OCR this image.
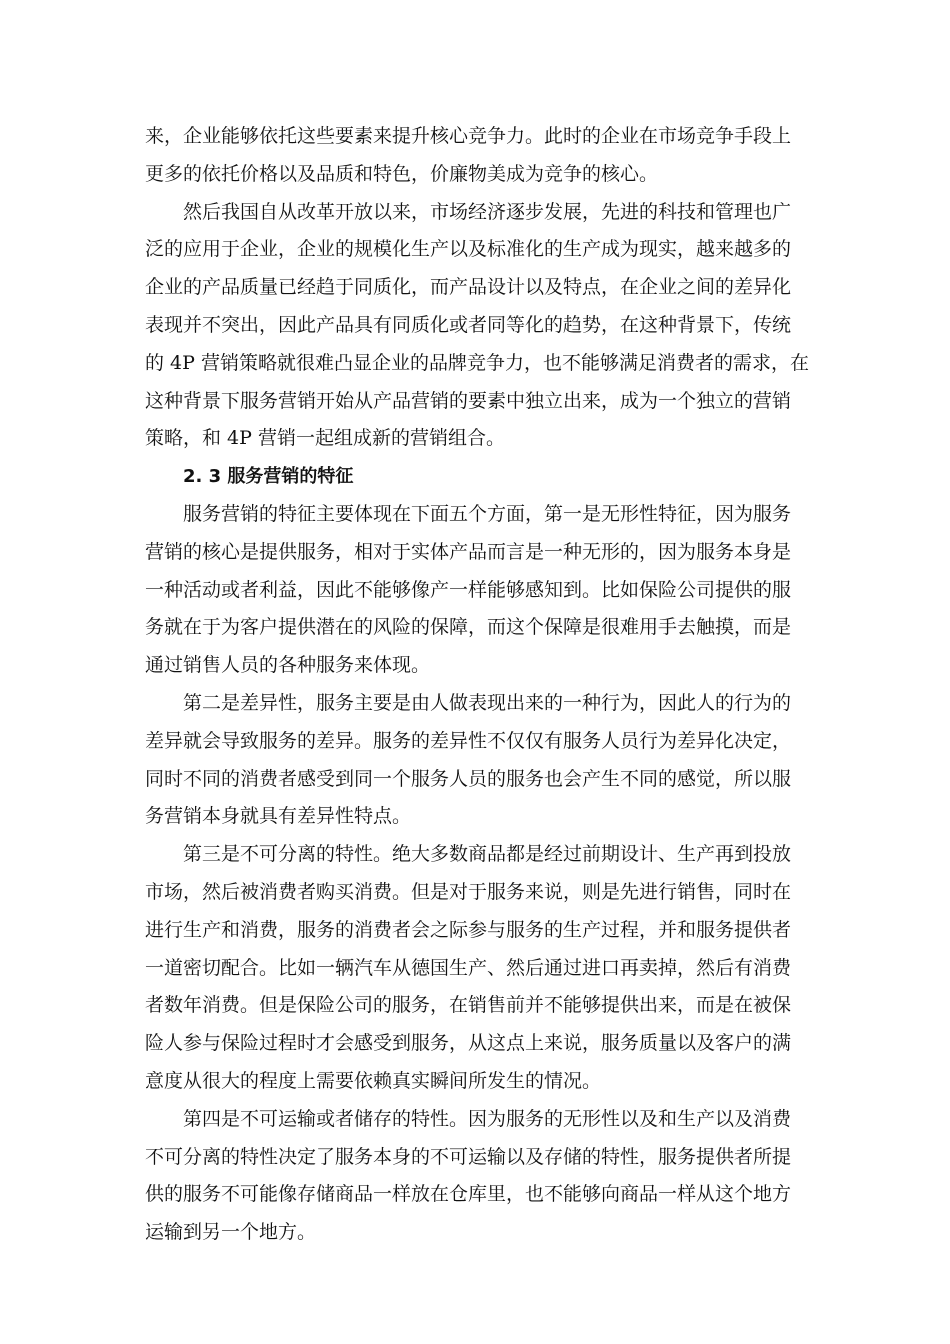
来，企业能够依托这些要素来提升核心竞争力。此时的企业在市场竞争手段上
更多的依托价格以及品质和特色，价廉物美成为竞争的核心。
然后我国自从改革开放以来，市场经济逐步发展，先进的科技和管理也广
泛的应用于企业，企业的规模化生产以及标准化的生产成为现实，越来越多的
企业的产品质量已经趋于同质化，而产品设计以及特点，在企业之间的差异化
表现并不突出，因此产品具有同质化或者同等化的趋势，在这种背景下，传统
的 4P 营销策略就很难凸显企业的品牌竞争力，也不能够满足消费者的需求，在
这种背景下服务营销开始从产品营销的要素中独立出来，成为一个独立的营销
策略，和 4P 营销一起组成新的营销组合。
2. 3 服务营销的特征
服务营销的特征主要体现在下面五个方面，第一是无形性特征，因为服务
营销的核心是提供服务，相对于实体产品而言是一种无形的，因为服务本身是
一种活动或者利益，因此不能够像产一样能够感知到。比如保险公司提供的服
务就在于为客户提供潜在的风险的保障，而这个保障是很难用手去触摸，而是
通过销售人员的各种服务来体现。
第二是差异性，服务主要是由人做表现出来的一种行为，因此人的行为的
差异就会导致服务的差异。服务的差异性不仅仅有服务人员行为差异化决定，
同时不同的消费者感受到同一个服务人员的服务也会产生不同的感觉，所以服
务营销本身就具有差异性特点。
第三是不可分离的特性。绝大多数商品都是经过前期设计、生产再到投放
市场，然后被消费者购买消费。但是对于服务来说，则是先进行销售，同时在
进行生产和消费，服务的消费者会之际参与服务的生产过程，并和服务提供者
一道密切配合。比如一辆汽车从德国生产、然后通过进口再卖掉，然后有消费
者数年消费。但是保险公司的服务，在销售前并不能够提供出来，而是在被保
险人参与保险过程时才会感受到服务，从这点上来说，服务质量以及客户的满
意度从很大的程度上需要依赖真实瞬间所发生的情况。
第四是不可运输或者储存的特性。因为服务的无形性以及和生产以及消费
不可分离的特性决定了服务本身的不可运输以及存储的特性，服务提供者所提
供的服务不可能像存储商品一样放在仓库里，也不能够向商品一样从这个地方
运输到另一个地方。
